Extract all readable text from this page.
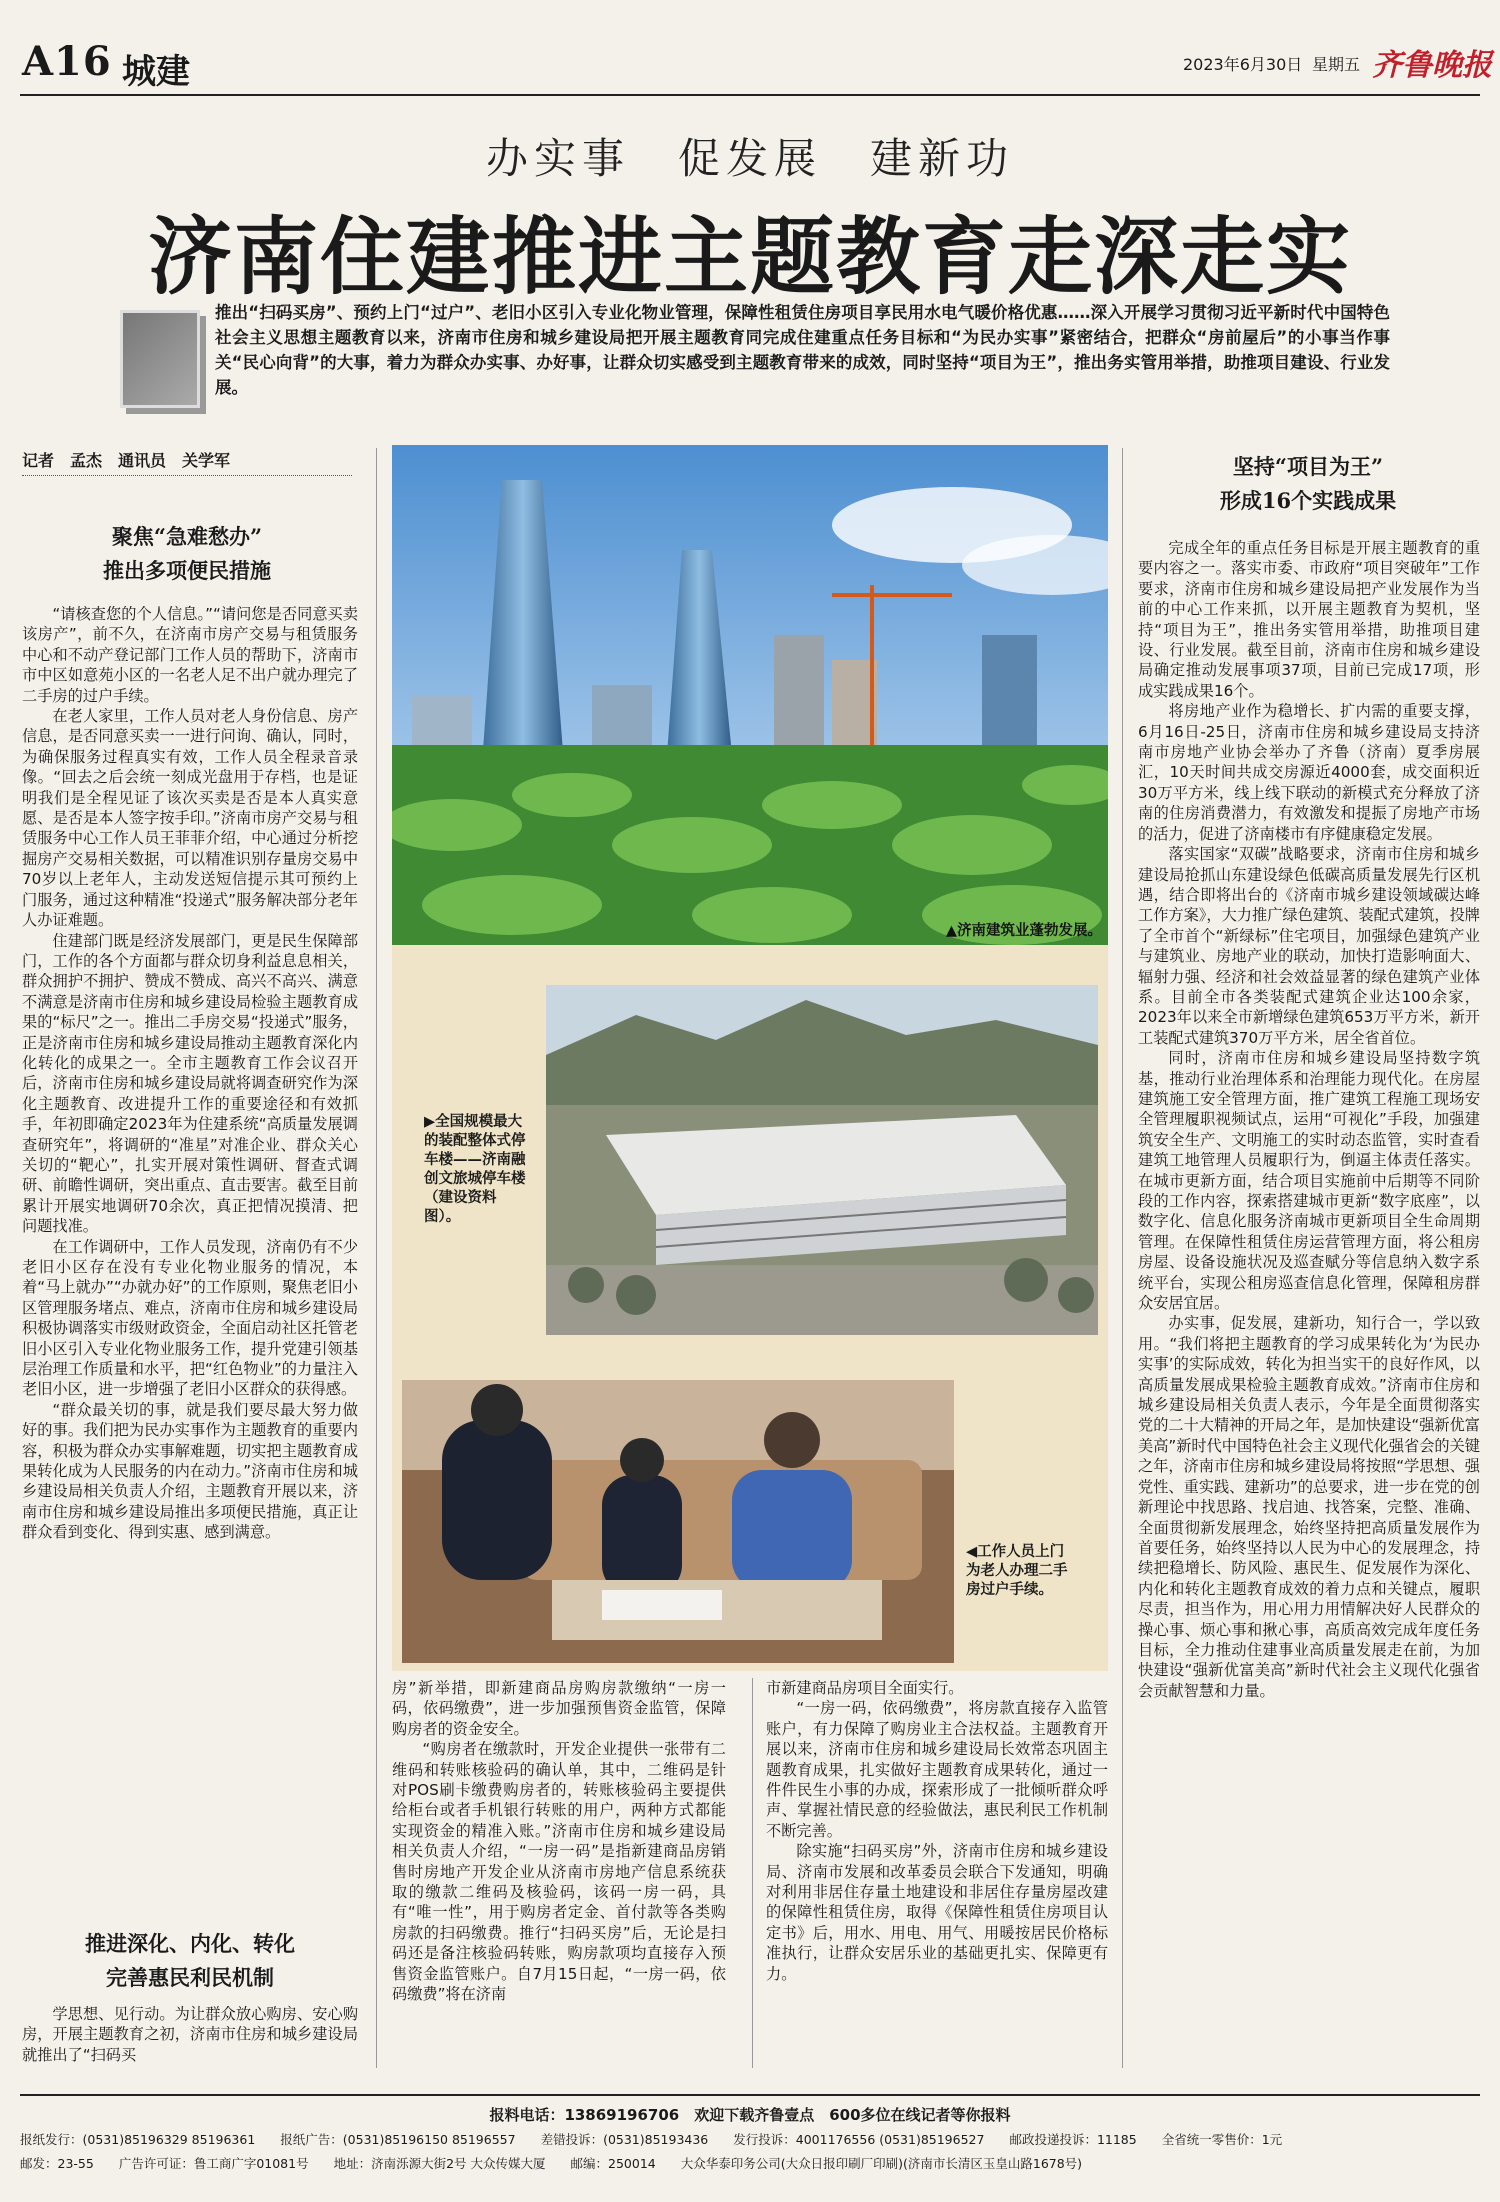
A16 城建	2023年6月30日 星期五 齐鲁晚报
办实事　促发展　建新功
济南住建推进主题教育走深走实
推出“扫码买房”、预约上门“过户”、老旧小区引入专业化物业管理，保障性租赁住房项目享民用水电气暖价格优惠……深入开展学习贯彻习近平新时代中国特色社会主义思想主题教育以来，济南市住房和城乡建设局把开展主题教育同完成住建重点任务目标和“为民办实事”紧密结合，把群众“房前屋后”的小事当作事关“民心向背”的大事，着力为群众办实事、办好事，让群众切实感受到主题教育带来的成效，同时坚持“项目为王”，推出务实管用举措，助推项目建设、行业发展。
记者　孟杰　通讯员　关学军
聚焦“急难愁办”
推出多项便民措施

“请核查您的个人信息。”“请问您是否同意买卖该房产”，前不久，在济南市房产交易与租赁服务中心和不动产登记部门工作人员的帮助下，济南市市中区如意苑小区的一名老人足不出户就办理完了二手房的过户手续。

在老人家里，工作人员对老人身份信息、房产信息，是否同意买卖一一进行问询、确认，同时，为确保服务过程真实有效，工作人员全程录音录像。“回去之后会统一刻成光盘用于存档，也是证明我们是全程见证了该次买卖是否是本人真实意愿、是否是本人签字按手印。”济南市房产交易与租赁服务中心工作人员王菲菲介绍，中心通过分析挖掘房产交易相关数据，可以精准识别存量房交易中70岁以上老年人，主动发送短信提示其可预约上门服务，通过这种精准“投递式”服务解决部分老年人办证难题。

住建部门既是经济发展部门，更是民生保障部门，工作的各个方面都与群众切身利益息息相关，群众拥护不拥护、赞成不赞成、高兴不高兴、满意不满意是济南市住房和城乡建设局检验主题教育成果的“标尺”之一。推出二手房交易“投递式”服务，正是济南市住房和城乡建设局推动主题教育深化内化转化的成果之一。全市主题教育工作会议召开后，济南市住房和城乡建设局就将调查研究作为深化主题教育、改进提升工作的重要途径和有效抓手，年初即确定2023年为住建系统“高质量发展调查研究年”，将调研的“准星”对准企业、群众关心关切的“靶心”，扎实开展对策性调研、督查式调研、前瞻性调研，突出重点、直击要害。截至目前累计开展实地调研70余次，真正把情况摸清、把问题找准。

在工作调研中，工作人员发现，济南仍有不少老旧小区存在没有专业化物业服务的情况，本着“马上就办”“办就办好”的工作原则，聚焦老旧小区管理服务堵点、难点，济南市住房和城乡建设局积极协调落实市级财政资金，全面启动社区托管老旧小区引入专业化物业服务工作，提升党建引领基层治理工作质量和水平，把“红色物业”的力量注入老旧小区，进一步增强了老旧小区群众的获得感。

“群众最关切的事，就是我们要尽最大努力做好的事。我们把为民办实事作为主题教育的重要内容，积极为群众办实事解难题，切实把主题教育成果转化成为人民服务的内在动力。”济南市住房和城乡建设局相关负责人介绍，主题教育开展以来，济南市住房和城乡建设局推出多项便民措施，真正让群众看到变化、得到实惠、感到满意。

推进深化、内化、转化
完善惠民利民机制

学思想、见行动。为让群众放心购房、安心购房，开展主题教育之初，济南市住房和城乡建设局就推出了“扫码买

▲济南建筑业蓬勃发展。
▶全国规模最大的装配整体式停车楼——济南融创文旅城停车楼（建设资料图）。
◀工作人员上门为老人办理二手房过户手续。

房”新举措，即新建商品房购房款缴纳“一房一码，依码缴费”，进一步加强预售资金监管，保障购房者的资金安全。

“购房者在缴款时，开发企业提供一张带有二维码和转账核验码的确认单，其中，二维码是针对POS刷卡缴费购房者的，转账核验码主要提供给柜台或者手机银行转账的用户，两种方式都能实现资金的精准入账。”济南市住房和城乡建设局相关负责人介绍，“一房一码”是指新建商品房销售时房地产开发企业从济南市房地产信息系统获取的缴款二维码及核验码，该码一房一码，具有“唯一性”，用于购房者定金、首付款等各类购房款的扫码缴费。推行“扫码买房”后，无论是扫码还是备注核验码转账，购房款项均直接存入预售资金监管账户。自7月15日起，“一房一码，依码缴费”将在济南

市新建商品房项目全面实行。

“一房一码，依码缴费”，将房款直接存入监管账户，有力保障了购房业主合法权益。主题教育开展以来，济南市住房和城乡建设局长效常态巩固主题教育成果，扎实做好主题教育成果转化，通过一件件民生小事的办成，探索形成了一批倾听群众呼声、掌握社情民意的经验做法，惠民利民工作机制不断完善。

除实施“扫码买房”外，济南市住房和城乡建设局、济南市发展和改革委员会联合下发通知，明确对利用非居住存量土地建设和非居住存量房屋改建的保障性租赁住房，取得《保障性租赁住房项目认定书》后，用水、用电、用气、用暖按居民价格标准执行，让群众安居乐业的基础更扎实、保障更有力。

坚持“项目为王”
形成16个实践成果

完成全年的重点任务目标是开展主题教育的重要内容之一。落实市委、市政府“项目突破年”工作要求，济南市住房和城乡建设局把产业发展作为当前的中心工作来抓，以开展主题教育为契机，坚持“项目为王”，推出务实管用举措，助推项目建设、行业发展。截至目前，济南市住房和城乡建设局确定推动发展事项37项，目前已完成17项，形成实践成果16个。

将房地产业作为稳增长、扩内需的重要支撑，6月16日-25日，济南市住房和城乡建设局支持济南市房地产业协会举办了齐鲁（济南）夏季房展汇，10天时间共成交房源近4000套，成交面积近30万平方米，线上线下联动的新模式充分释放了济南的住房消费潜力，有效激发和提振了房地产市场的活力，促进了济南楼市有序健康稳定发展。

落实国家“双碳”战略要求，济南市住房和城乡建设局抢抓山东建设绿色低碳高质量发展先行区机遇，结合即将出台的《济南市城乡建设领域碳达峰工作方案》，大力推广绿色建筑、装配式建筑，投牌了全市首个“新绿标”住宅项目，加强绿色建筑产业与建筑业、房地产业的联动，加快打造影响面大、辐射力强、经济和社会效益显著的绿色建筑产业体系。目前全市各类装配式建筑企业达100余家，2023年以来全市新增绿色建筑653万平方米，新开工装配式建筑370万平方米，居全省首位。

同时，济南市住房和城乡建设局坚持数字筑基，推动行业治理体系和治理能力现代化。在房屋建筑施工安全管理方面，推广建筑工程施工现场安全管理履职视频试点，运用“可视化”手段，加强建筑安全生产、文明施工的实时动态监管，实时查看建筑工地管理人员履职行为，倒逼主体责任落实。在城市更新方面，结合项目实施前中后期等不同阶段的工作内容，探索搭建城市更新“数字底座”，以数字化、信息化服务济南城市更新项目全生命周期管理。在保障性租赁住房运营管理方面，将公租房房屋、设备设施状况及巡查赋分等信息纳入数字系统平台，实现公租房巡查信息化管理，保障租房群众安居宜居。

办实事，促发展，建新功，知行合一，学以致用。“我们将把主题教育的学习成果转化为‘为民办实事’的实际成效，转化为担当实干的良好作风，以高质量发展成果检验主题教育成效。”济南市住房和城乡建设局相关负责人表示，今年是全面贯彻落实党的二十大精神的开局之年，是加快建设“强新优富美高”新时代中国特色社会主义现代化强省会的关键之年，济南市住房和城乡建设局将按照“学思想、强党性、重实践、建新功”的总要求，进一步在党的创新理论中找思路、找启迪、找答案，完整、准确、全面贯彻新发展理念，始终坚持把高质量发展作为首要任务，始终坚持以人民为中心的发展理念，持续把稳增长、防风险、惠民生、促发展作为深化、内化和转化主题教育成效的着力点和关键点，履职尽责，担当作为，用心用力用情解决好人民群众的操心事、烦心事和揪心事，高质高效完成年度任务目标，全力推动住建事业高质量发展走在前，为加快建设“强新优富美高”新时代社会主义现代化强省会贡献智慧和力量。

报料电话：13869196706　欢迎下载齐鲁壹点　600多位在线记者等你报料
报纸发行：(0531)85196329 85196361　　报纸广告：(0531)85196150 85196557　　差错投诉：(0531)85193436　　发行投诉：4001176556 (0531)85196527　　邮政投递投诉：11185　　全省统一零售价：1元
邮发：23-55　　广告许可证：鲁工商广字01081号　　地址：济南泺源大街2号 大众传媒大厦　　邮编：250014　　大众华泰印务公司(大众日报印刷厂印刷)(济南市长清区玉皇山路1678号)
